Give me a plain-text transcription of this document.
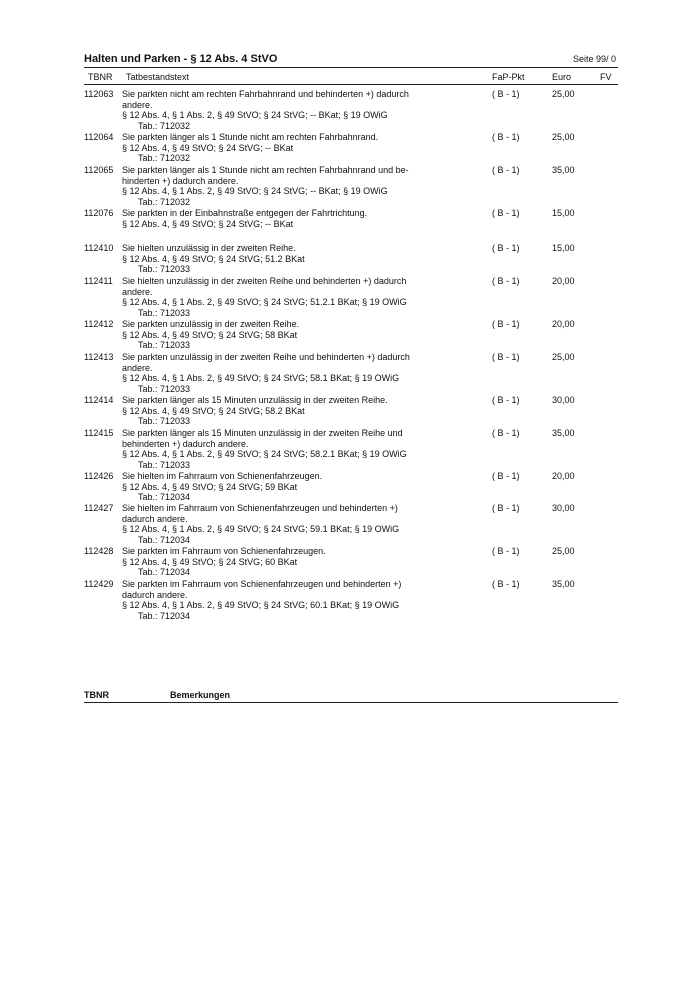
Halten und Parken - § 12 Abs. 4 StVO	Seite 99/ 0
TBNR Tatbestandstext	FaP-Pkt	Euro	FV
112063 Sie parkten nicht am rechten Fahrbahnrand und behinderten +) dadurch
andere.
§ 12 Abs. 4, § 1 Abs. 2, § 49 StVO; § 24 StVG; -- BKat; § 19 OWiG
Tab.: 712032
( B - 1)	25,00
112064 Sie parkten länger als 1 Stunde nicht am rechten Fahrbahnrand.
§ 12 Abs. 4, § 49 StVO; § 24 StVG; -- BKat
Tab.: 712032
( B - 1)	25,00
112065 Sie parkten länger als 1 Stunde nicht am rechten Fahrbahnrand und be-
hinderten +) dadurch andere.
§ 12 Abs. 4, § 1 Abs. 2, § 49 StVO; § 24 StVG; -- BKat; § 19 OWiG
Tab.: 712032
( B - 1)	35,00
112076 Sie parkten in der Einbahnstraße entgegen der Fahrtrichtung.
§ 12 Abs. 4, § 49 StVO; § 24 StVG; -- BKat
( B - 1)	15,00
112410 Sie hielten unzulässig in der zweiten Reihe.
§ 12 Abs. 4, § 49 StVO; § 24 StVG; 51.2 BKat
Tab.: 712033
( B - 1)	15,00
112411 Sie hielten unzulässig in der zweiten Reihe und behinderten +) dadurch
andere.
§ 12 Abs. 4, § 1 Abs. 2, § 49 StVO; § 24 StVG; 51.2.1 BKat; § 19 OWiG
Tab.: 712033
( B - 1)	20,00
112412 Sie parkten unzulässig in der zweiten Reihe.
§ 12 Abs. 4, § 49 StVO; § 24 StVG; 58 BKat
Tab.: 712033
( B - 1)	20,00
112413 Sie parkten unzulässig in der zweiten Reihe und behinderten +) dadurch
andere.
§ 12 Abs. 4, § 1 Abs. 2, § 49 StVO; § 24 StVG; 58.1 BKat; § 19 OWiG
Tab.: 712033
( B - 1)	25,00
112414 Sie parkten länger als 15 Minuten unzulässig in der zweiten Reihe.
§ 12 Abs. 4, § 49 StVO; § 24 StVG; 58.2 BKat
Tab.: 712033
( B - 1)	30,00
112415 Sie parkten länger als 15 Minuten unzulässig in der zweiten Reihe und
behinderten +) dadurch andere.
§ 12 Abs. 4, § 1 Abs. 2, § 49 StVO; § 24 StVG; 58.2.1 BKat; § 19 OWiG
Tab.: 712033
( B - 1)	35,00
112426 Sie hielten im Fahrraum von Schienenfahrzeugen.
§ 12 Abs. 4, § 49 StVO; § 24 StVG; 59 BKat
Tab.: 712034
( B - 1)	20,00
112427 Sie hielten im Fahrraum von Schienenfahrzeugen und behinderten +)
dadurch andere.
§ 12 Abs. 4, § 1 Abs. 2, § 49 StVO; § 24 StVG; 59.1 BKat; § 19 OWiG
Tab.: 712034
( B - 1)	30,00
112428 Sie parkten im Fahrraum von Schienenfahrzeugen.
§ 12 Abs. 4, § 49 StVO; § 24 StVG; 60 BKat
Tab.: 712034
( B - 1)	25,00
112429 Sie parkten im Fahrraum von Schienenfahrzeugen und behinderten +)
dadurch andere.
§ 12 Abs. 4, § 1 Abs. 2, § 49 StVO; § 24 StVG; 60.1 BKat; § 19 OWiG
Tab.: 712034
( B - 1)	35,00
TBNR	Bemerkungen
